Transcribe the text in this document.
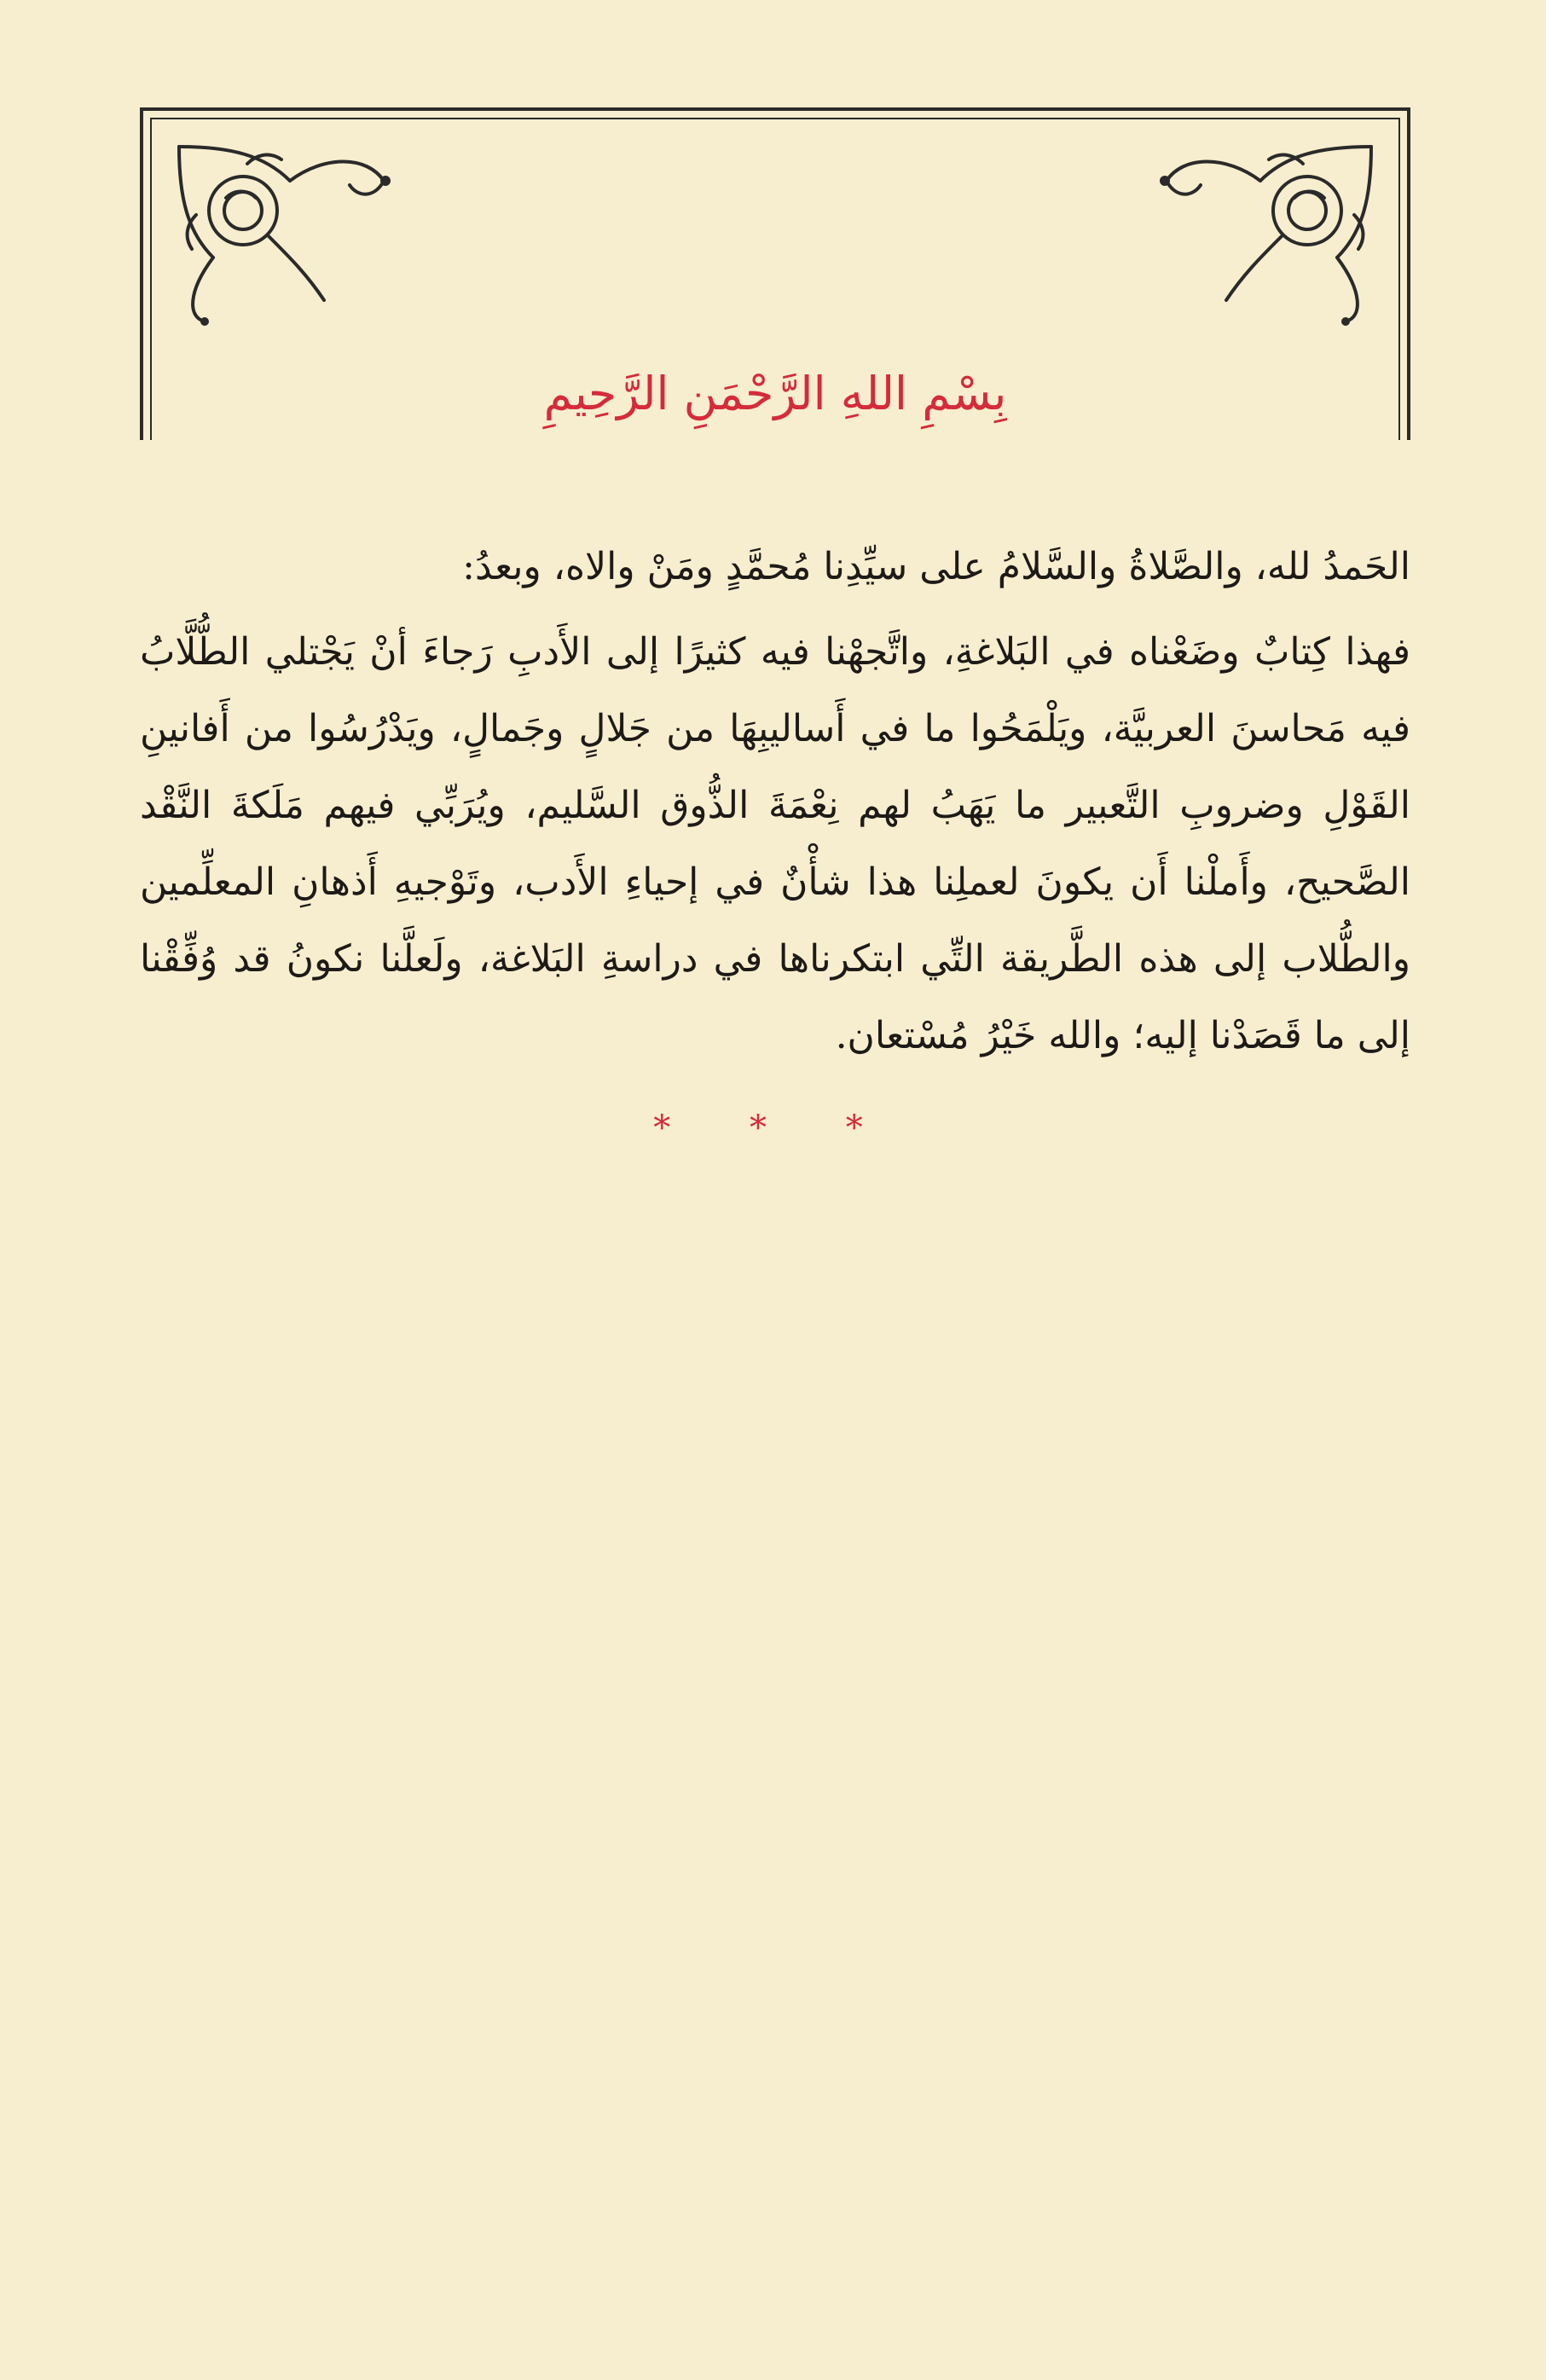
بِسْمِ اللهِ الرَّحْمَنِ الرَّحِيمِ

الحَمدُ لله، والصَّلاةُ والسَّلامُ على سيِّدِنا مُحمَّدٍ ومَنْ والاه، وبعدُ:

فهذا كِتابٌ وضَعْناه في البَلاغةِ، واتَّجهْنا فيه كثيرًا إلى الأَدبِ رَجاءَ أنْ يَجْتلي الطُّلَّابُ فيه مَحاسنَ العربيَّة، ويَلْمَحُوا ما في أَساليبِهَا من جَلالٍ وجَمالٍ، ويَدْرُسُوا من أَفانينِ القَوْلِ وضروبِ التَّعبير ما يَهَبُ لهم نِعْمَةَ الذُّوق السَّليم، ويُرَبِّي فيهم مَلَكةَ النَّقْد الصَّحيح، وأَملْنا أَن يكونَ لعملِنا هذا شأْنٌ في إحياءِ الأَدب، وتَوْجيهِ أَذهانِ المعلِّمين والطُّلاب إلى هذه الطَّريقة التِّي ابتكرناها في دراسةِ البَلاغة، ولَعلَّنا نكونُ قد وُفِّقْنا إلى ما قَصَدْنا إليه؛ والله خَيْرُ مُسْتعان.

* * *
